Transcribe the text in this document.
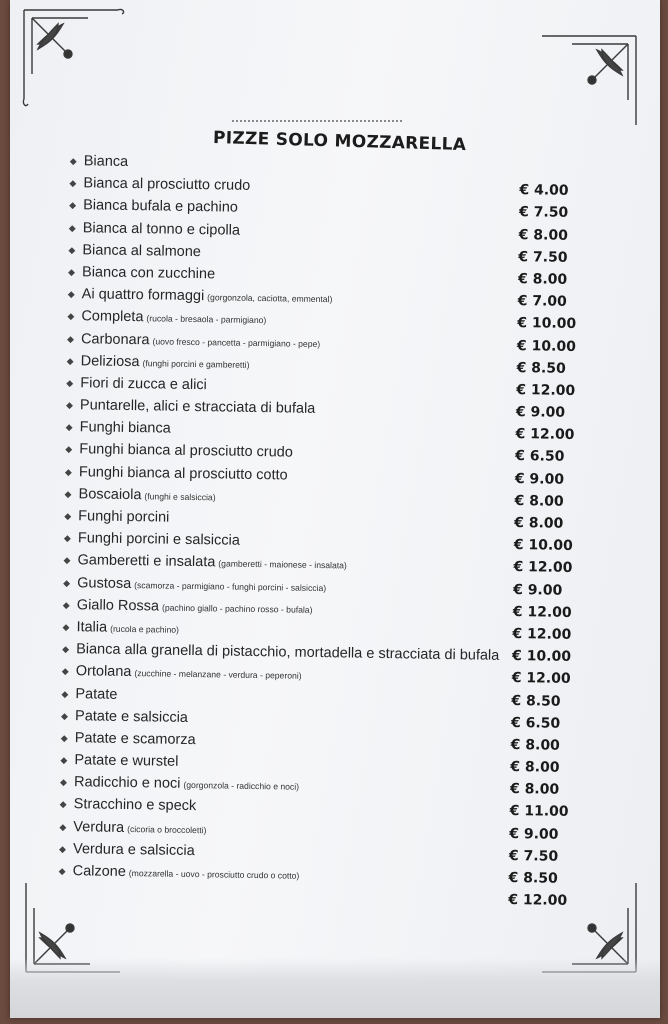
PIZZE SOLO MOZZARELLA
◆ Bianca
◆ Bianca al prosciutto crudo	€ 4.00
◆ Bianca bufala e pachino	€ 7.50
◆ Bianca al tonno e cipolla	€ 8.00
◆ Bianca al salmone	€ 7.50
◆ Bianca con zucchine	€ 8.00
◆ Ai quattro formaggi (gorgonzola, caciotta, emmental)	€ 7.00
◆ Completa (rucola - bresaola - parmigiano)	€ 10.00
◆ Carbonara (uovo fresco - pancetta - parmigiano - pepe)	€ 10.00
◆ Deliziosa (funghi porcini e gamberetti)	€ 8.50
◆ Fiori di zucca e alici	€ 12.00
◆ Puntarelle, alici e stracciata di bufala	€ 9.00
◆ Funghi bianca	€ 12.00
◆ Funghi bianca al prosciutto crudo	€ 6.50
◆ Funghi bianca al prosciutto cotto	€ 9.00
◆ Boscaiola (funghi e salsiccia)	€ 8.00
◆ Funghi porcini	€ 8.00
◆ Funghi porcini e salsiccia	€ 10.00
◆ Gamberetti e insalata (gamberetti - maionese - insalata)	€ 12.00
◆ Gustosa (scamorza - parmigiano - funghi porcini - salsiccia)	€ 9.00
◆ Giallo Rossa (pachino giallo - pachino rosso - bufala)	€ 12.00
◆ Italia (rucola e pachino)	€ 12.00
◆ Bianca alla granella di pistacchio, mortadella e stracciata di bufala € 10.00
◆ Ortolana (zucchine - melanzane - verdura - peperoni)	€ 12.00
◆ Patate	€ 8.50
◆ Patate e salsiccia	€ 6.50
◆ Patate e scamorza	€ 8.00
◆ Patate e wurstel	€ 8.00
◆ Radicchio e noci (gorgonzola - radicchio e noci)	€ 8.00
◆ Stracchino e speck	€ 11.00
◆ Verdura (cicoria o broccoletti)	€ 9.00
◆ Verdura e salsiccia	€ 7.50
◆ Calzone (mozzarella - uovo - prosciutto crudo o cotto)	€ 8.50
€ 12.00
